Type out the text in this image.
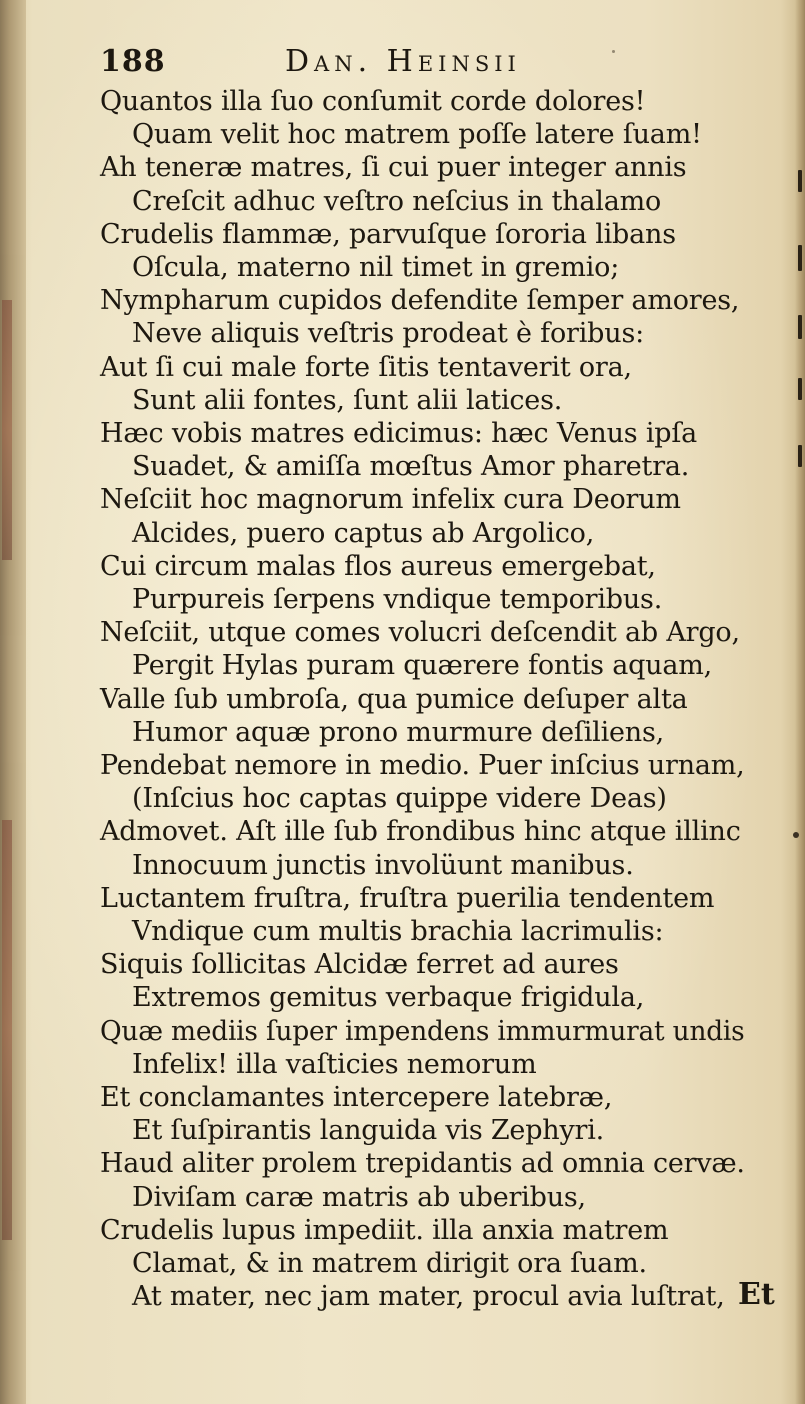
188	Dan. Heinsii
Quantos illa ſuo conſumit corde dolores!
Quam velit hoc matrem poſſe latere ſuam!
Ah teneræ matres, ſi cui puer integer annis
Creſcit adhuc veſtro neſcius in thalamo
Crudelis flammæ, parvuſque ſororia libans
Oſcula, materno nil timet in gremio;
Nympharum cupidos defendite ſemper amores,
Neve aliquis veſtris prodeat è foribus:
Aut ſi cui male forte ſitis tentaverit ora,
Sunt alii fontes, ſunt alii latices.
Hæc vobis matres edicimus: hæc Venus ipſa
Suadet, & amiſſa mœſtus Amor pharetra.
Neſciit hoc magnorum infelix cura Deorum
Alcides, puero captus ab Argolico,
Cui circum malas flos aureus emergebat,
Purpureis ſerpens vndique temporibus.
Neſciit, utque comes volucri deſcendit ab Argo,
Pergit Hylas puram quærere fontis aquam,
Valle ſub umbroſa, qua pumice deſuper alta
Humor aquæ prono murmure deſiliens,
Pendebat nemore in medio. Puer inſcius urnam,
(Inſcius hoc captas quippe videre Deas)
Admovet. Aſt ille ſub frondibus hinc atque illinc
Innocuum junctis involüunt manibus.
Luctantem fruſtra, fruſtra puerilia tendentem
Vndique cum multis brachia lacrimulis:
Siquis ſollicitas Alcidæ ferret ad aures
Extremos gemitus verbaque frigidula,
Quæ mediis ſuper impendens immurmurat undis
Infelix! illa vaſticies nemorum
Et conclamantes intercepere latebræ,
Et ſuſpirantis languida vis Zephyri.
Haud aliter prolem trepidantis ad omnia cervæ.
Diviſam caræ matris ab uberibus,
Crudelis lupus impediit. illa anxia matrem
Clamat, & in matrem dirigit ora ſuam.
At mater, nec jam mater, procul avia luſtrat, Et
